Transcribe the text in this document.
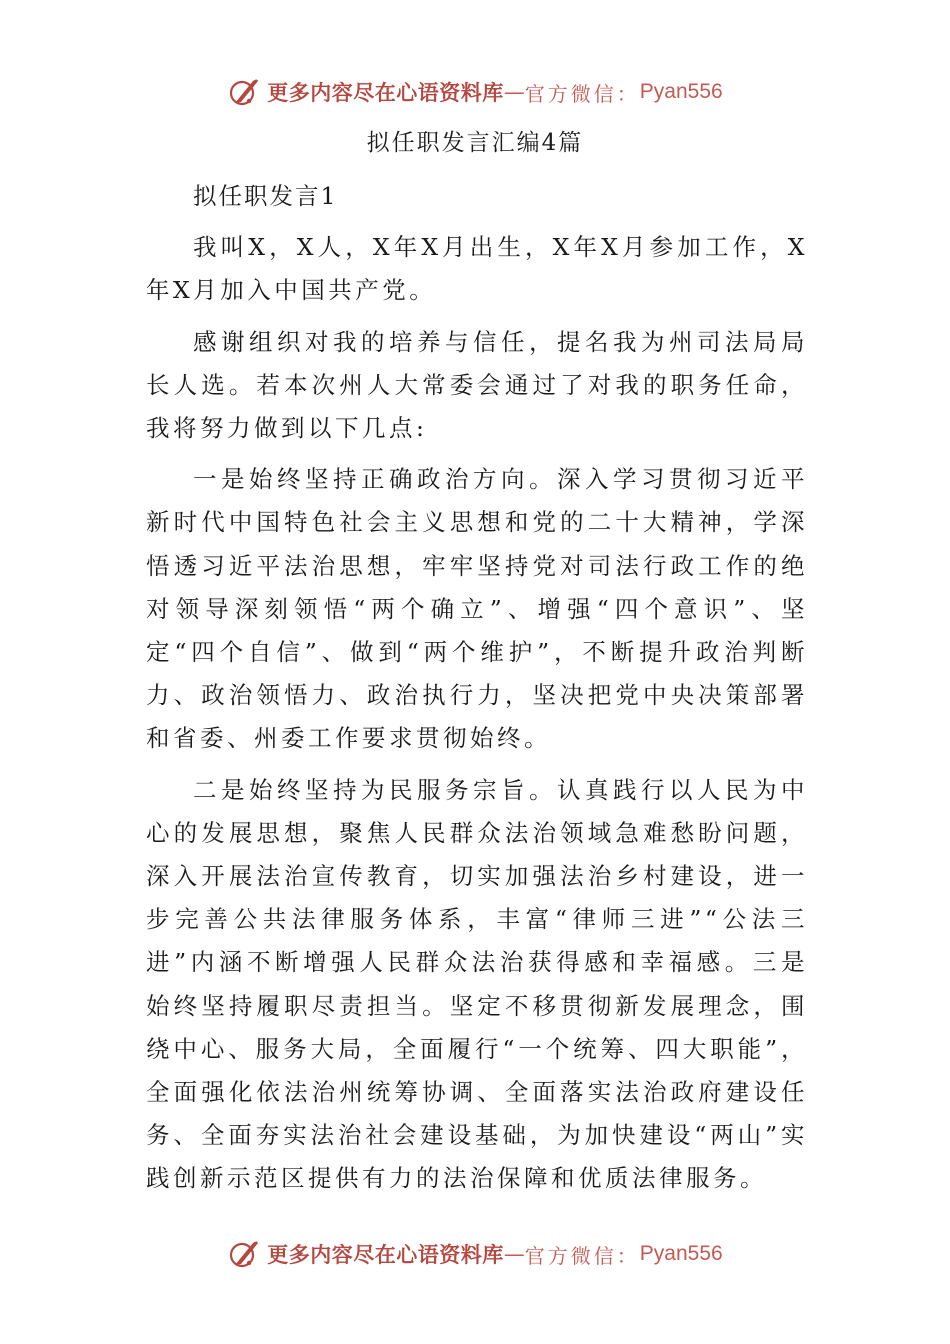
更多内容尽在心语资料库 — 官方微信： Pyan556
拟任职发言汇编4篇

拟任职发言1

我叫X，X人，X年X月出生，X年X月参加工作，X年X月加入中国共产党。

感谢组织对我的培养与信任，提名我为州司法局局长人选。若本次州人大常委会通过了对我的职务任命，我将努力做到以下几点:

一是始终坚持正确政治方向。深入学习贯彻习近平新时代中国特色社会主义思想和党的二十大精神，学深悟透习近平法治思想，牢牢坚持党对司法行政工作的绝对领导深刻领悟“两个确立”、增强“四个意识”、坚定“四个自信”、做到“两个维护”，不断提升政治判断力、政治领悟力、政治执行力，坚决把党中央决策部署和省委、州委工作要求贯彻始终。

二是始终坚持为民服务宗旨。认真践行以人民为中心的发展思想，聚焦人民群众法治领域急难愁盼问题，深入开展法治宣传教育，切实加强法治乡村建设，进一步完善公共法律服务体系，丰富“律师三进”“公法三进”内涵不断增强人民群众法治获得感和幸福感。三是始终坚持履职尽责担当。坚定不移贯彻新发展理念，围绕中心、服务大局，全面履行“一个统筹、四大职能”，全面强化依法治州统筹协调、全面落实法治政府建设任务、全面夯实法治社会建设基础，为加快建设“两山”实践创新示范区提供有力的法治保障和优质法律服务。

更多内容尽在心语资料库 — 官方微信： Pyan556
